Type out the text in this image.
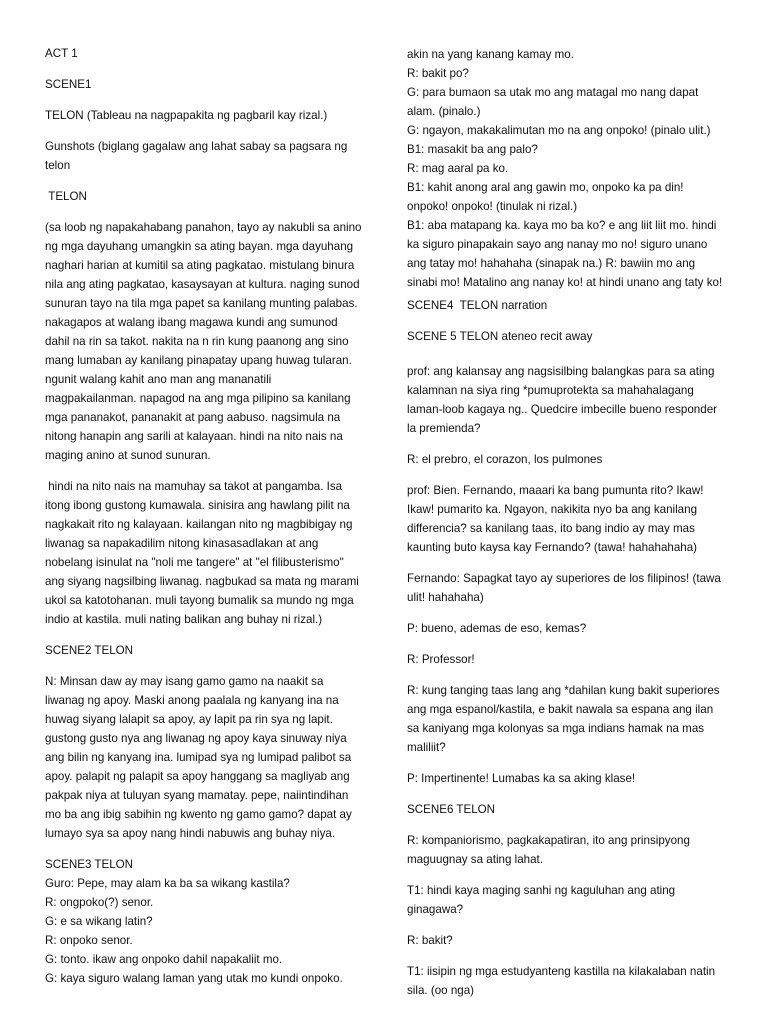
ACT 1

SCENE1

TELON (Tableau na nagpapakita ng pagbaril kay rizal.)

Gunshots (biglang gagalaw ang lahat sabay sa pagsara ng telon

TELON

(sa loob ng napakahabang panahon, tayo ay nakubli sa anino ng mga dayuhang umangkin sa ating bayan. mga dayuhang naghari harian at kumitil sa ating pagkatao. mistulang binura nila ang ating pagkatao, kasaysayan at kultura. naging sunod sunuran tayo na tila mga papet sa kanilang munting palabas. nakagapos at walang ibang magawa kundi ang sumunod dahil na rin sa takot. nakita na n rin kung paanong ang sino mang lumaban ay kanilang pinapatay upang huwag tularan. ngunit walang kahit ano man ang mananatili magpakailanman. napagod na ang mga pilipino sa kanilang mga pananakot, pananakit at pang aabuso. nagsimula na nitong hanapin ang sarili at kalayaan. hindi na nito nais na maging anino at sunod sunuran.

hindi na nito nais na mamuhay sa takot at pangamba. Isa itong ibong gustong kumawala. sinisira ang hawlang pilit na nagkakait rito ng kalayaan. kailangan nito ng magbibigay ng liwanag sa napakadilim nitong kinasasadlakan at ang nobelang isinulat na "noli me tangere" at "el filibusterismo" ang siyang nagsilbing liwanag. nagbukad sa mata ng marami ukol sa katotohanan. muli tayong bumalik sa mundo ng mga indio at kastila. muli nating balikan ang buhay ni rizal.)

SCENE2 TELON

N: Minsan daw ay may isang gamo gamo na naakit sa liwanag ng apoy. Maski anong paalala ng kanyang ina na huwag siyang lalapit sa apoy, ay lapit pa rin sya ng lapit. gustong gusto nya ang liwanag ng apoy kaya sinuway niya ang bilin ng kanyang ina. lumipad sya ng lumipad palibot sa apoy. palapit ng palapit sa apoy hanggang sa magliyab ang pakpak niya at tuluyan syang mamatay. pepe, naiintindihan mo ba ang ibig sabihin ng kwento ng gamo gamo? dapat ay lumayo sya sa apoy nang hindi nabuwis ang buhay niya.

SCENE3 TELON

Guro: Pepe, may alam ka ba sa wikang kastila?

R: ongpoko(?) senor.

G: e sa wikang latin?

R: onpoko senor.

G: tonto. ikaw ang onpoko dahil napakaliit mo.

G: kaya siguro walang laman yang utak mo kundi onpoko.

akin na yang kanang kamay mo.

R: bakit po?

G: para bumaon sa utak mo ang matagal mo nang dapat alam. (pinalo.)

G: ngayon, makakalimutan mo na ang onpoko! (pinalo ulit.)

B1: masakit ba ang palo?

R: mag aaral pa ko.

B1: kahit anong aral ang gawin mo, onpoko ka pa din! onpoko! onpoko! (tinulak ni rizal.)

B1: aba matapang ka. kaya mo ba ko? e ang liit liit mo. hindi ka siguro pinapakain sayo ang nanay mo no! siguro unano ang tatay mo! hahahaha (sinapak na.) R: bawiin mo ang sinabi mo! Matalino ang nanay ko! at hindi unano ang taty ko!

SCENE4  TELON narration

SCENE 5 TELON ateneo recit away

prof: ang kalansay ang nagsisilbing balangkas para sa ating kalamnan na siya ring *pumuprotekta sa mahahalagang laman-loob kagaya ng.. Quedcire imbecille bueno responder la premienda?

R: el prebro, el corazon, los pulmones

prof: Bien. Fernando, maaari ka bang pumunta rito? Ikaw! Ikaw! pumarito ka. Ngayon, nakikita nyo ba ang kanilang differencia? sa kanilang taas, ito bang indio ay may mas kaunting buto kaysa kay Fernando? (tawa! hahahahaha)

Fernando: Sapagkat tayo ay superiores de los filipinos! (tawa ulit! hahahaha)

P: bueno, ademas de eso, kemas?

R: Professor!

R: kung tanging taas lang ang *dahilan kung bakit superiores ang mga espanol/kastila, e bakit nawala sa espana ang ilan sa kaniyang mga kolonyas sa mga indians hamak na mas maliliit?

P: Impertinente! Lumabas ka sa aking klase!

SCENE6 TELON

R: kompaniorismo, pagkakapatiran, ito ang prinsipyong maguugnay sa ating lahat.

T1: hindi kaya maging sanhi ng kaguluhan ang ating ginagawa?

R: bakit?

T1: iisipin ng mga estudyanteng kastilla na kilakalaban natin sila. (oo nga)
